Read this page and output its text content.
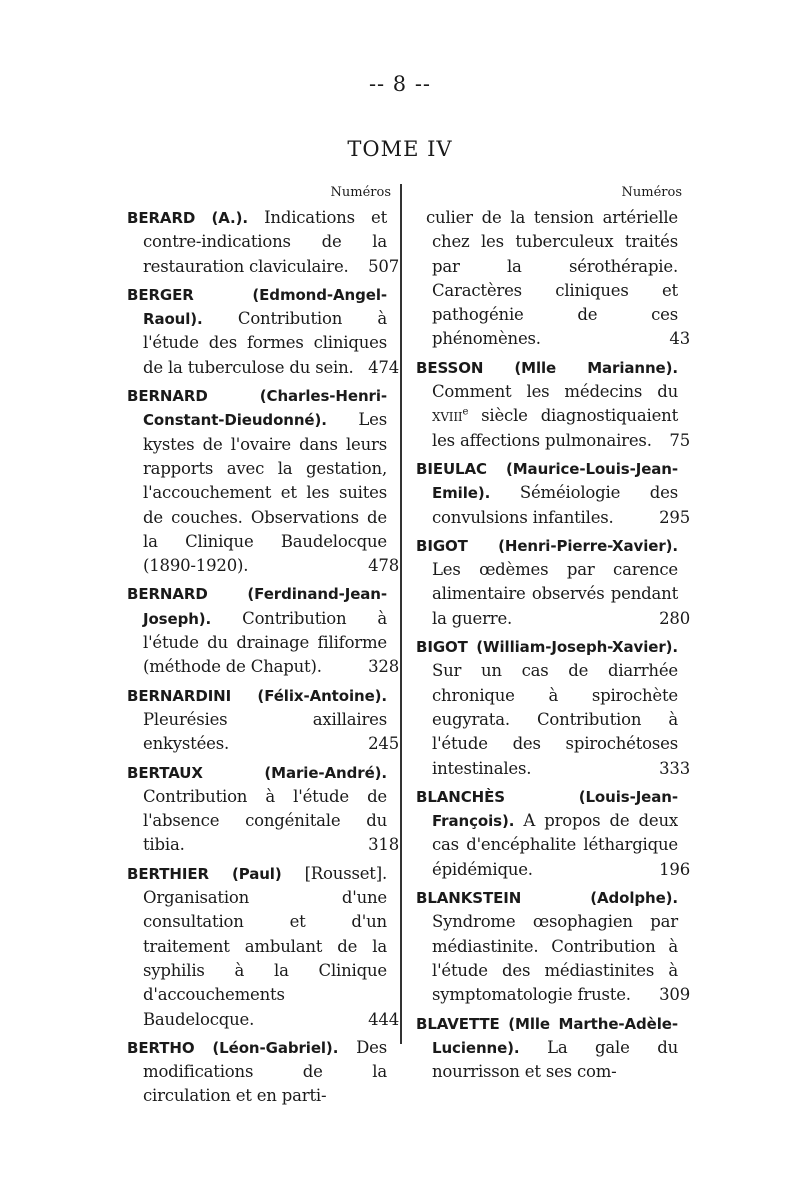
-- 8 --
TOME IV
Numéros
BERARD (A.). Indications et contre-indications de la restauration claviculaire.	507
BERGER (Edmond-Angel-Raoul). Contribution à l'étude des formes cliniques de la tuberculose du sein. 474
BERNARD (Charles-Henri-Constant-Dieudonné). Les kystes de l'ovaire dans leurs rapports avec la gestation, l'accouchement et les suites de couches. Observations de la Clinique Baudelocque (1890-1920).	478
BERNARD (Ferdinand-Jean-Joseph). Contribution à l'étude du drainage filiforme (méthode de Chaput).	328
BERNARDINI (Félix-Antoine). Pleurésies axillaires enkystées.	245
BERTAUX (Marie-André). Contribution à l'étude de l'absence congénitale du tibia.	318
BERTHIER (Paul) [Rousset]. Organisation d'une consultation et d'un traitement ambulant de la syphilis à la Clinique d'accouchements Baudelocque.	444
BERTHO (Léon-Gabriel). Des modifications de la circulation et en parti-
Numéros
culier de la tension artérielle chez les tuberculeux traités par la sérothérapie. Caractères cliniques et pathogénie de ces phénomènes.	43
BESSON (Mlle Marianne). Comment les médecins du xviii$^e$ siècle diagnostiquaient les affections pulmonaires.	75
BIEULAC (Maurice-Louis-Jean-Emile). Séméiologie des convulsions infantiles.	295
BIGOT (Henri-Pierre-Xavier). Les œdèmes par carence alimentaire observés pendant la guerre.	280
BIGOT (William-Joseph-Xavier). Sur un cas de diarrhée chronique à spirochète eugyrata. Contribution à l'étude des spirochétoses intestinales.	333
BLANCHÈS (Louis-Jean-François). A propos de deux cas d'encéphalite léthargique épidémique.	196
BLANKSTEIN (Adolphe). Syndrome œsophagien par médiastinite. Contribution à l'étude des médiastinites à symptomatologie fruste.	309
BLAVETTE (Mlle Marthe-Adèle-Lucienne). La gale du nourrisson et ses com-
